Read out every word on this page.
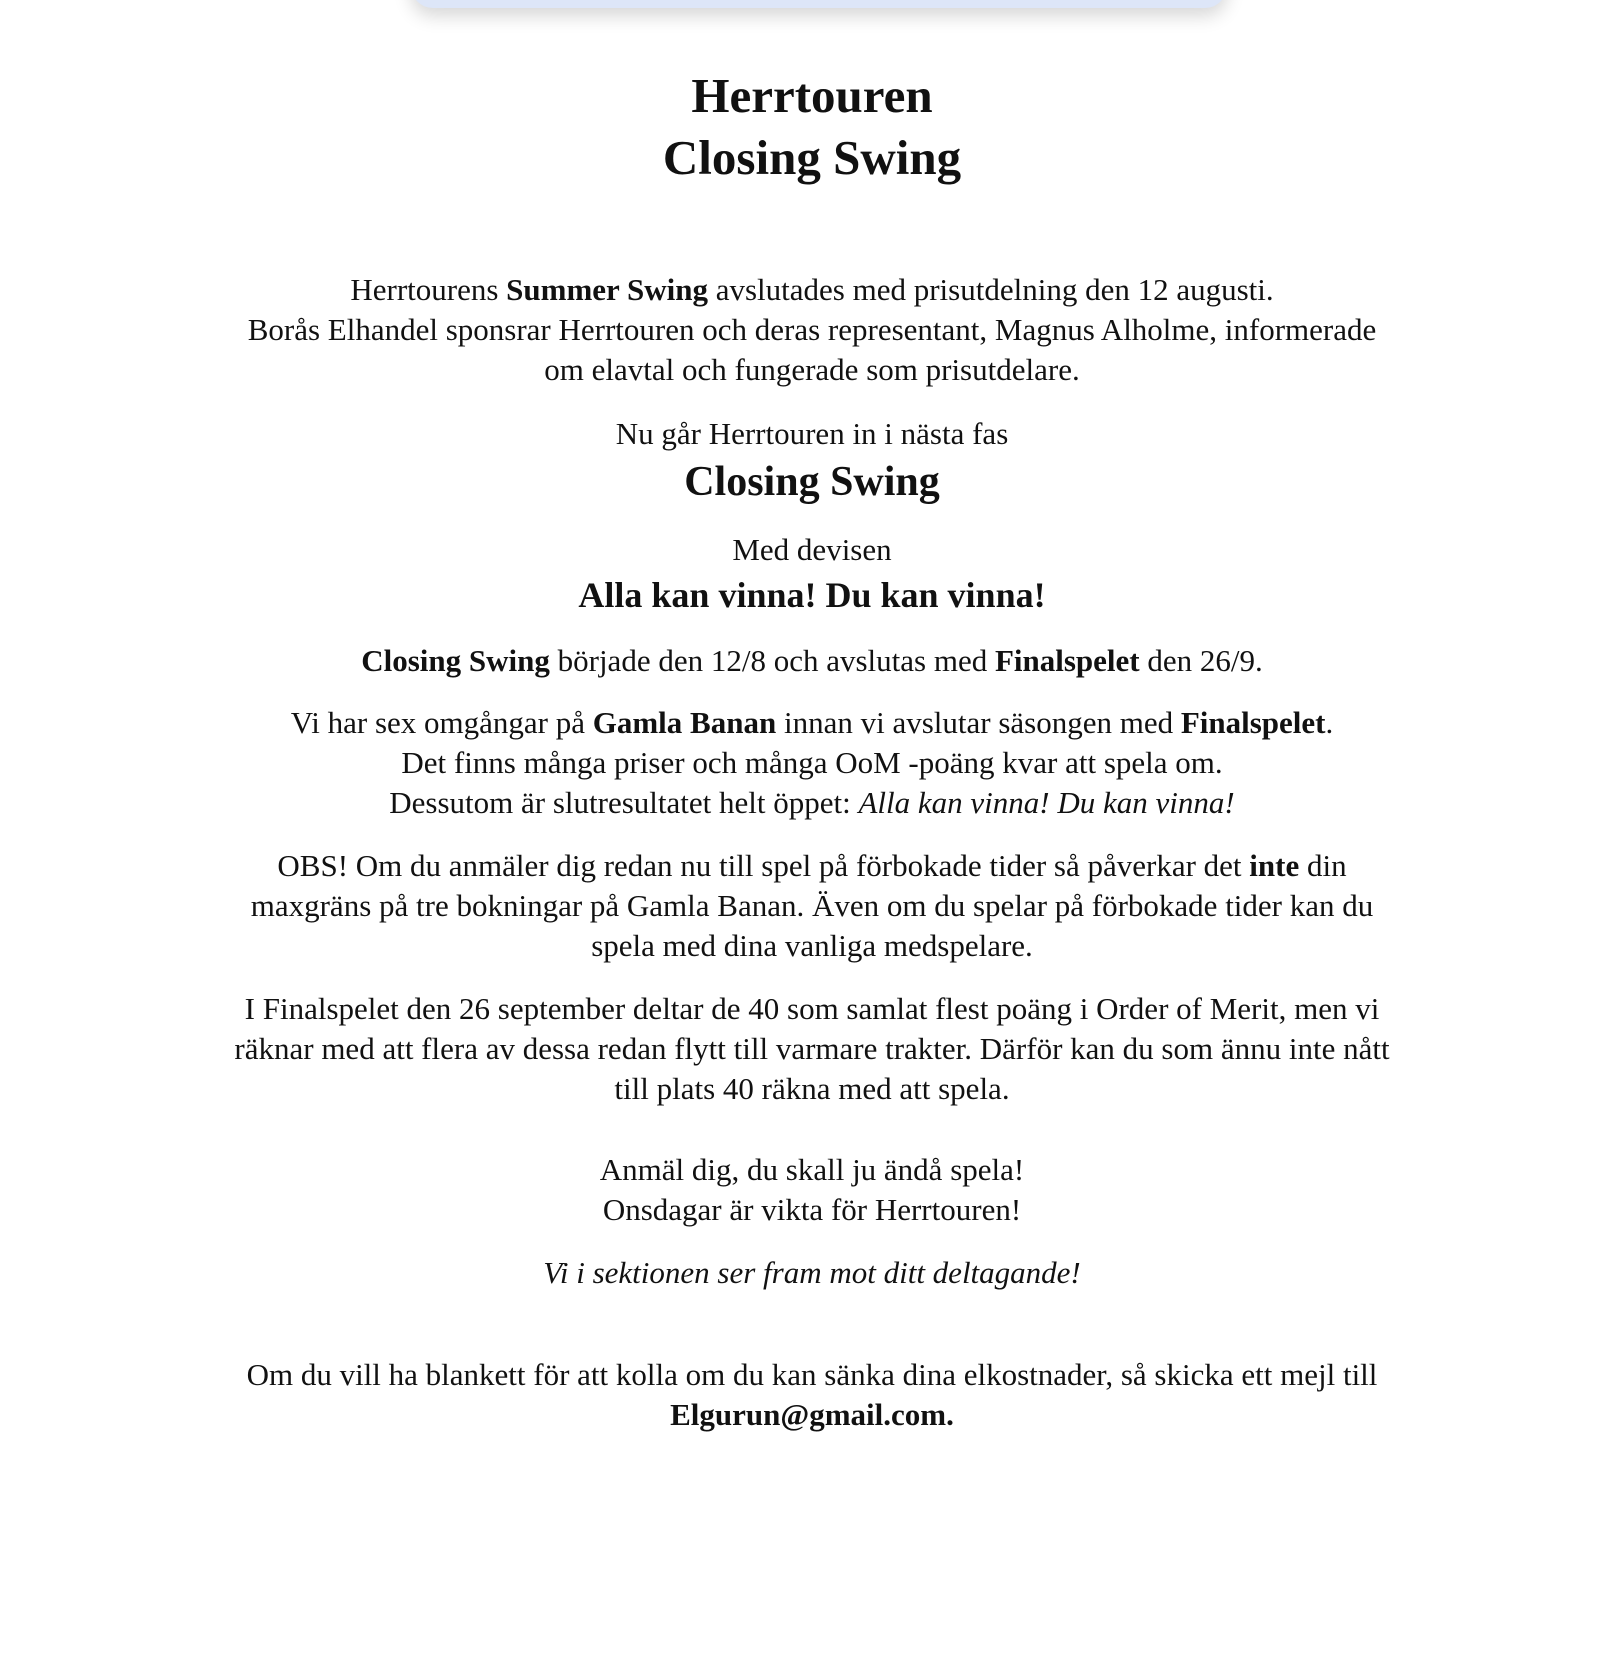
Herrtouren
Closing Swing
Herrtourens Summer Swing avslutades med prisutdelning den 12 augusti.
Borås Elhandel sponsrar Herrtouren och deras representant, Magnus Alholme, informerade
om elavtal och fungerade som prisutdelare.
Nu går Herrtouren in i nästa fas
Closing Swing
Med devisen
Alla kan vinna! Du kan vinna!
Closing Swing började den 12/8 och avslutas med Finalspelet den 26/9.
Vi har sex omgångar på Gamla Banan innan vi avslutar säsongen med Finalspelet.
Det finns många priser och många OoM -poäng kvar att spela om.
Dessutom är slutresultatet helt öppet: Alla kan vinna! Du kan vinna!
OBS! Om du anmäler dig redan nu till spel på förbokade tider så påverkar det inte din
maxgräns på tre bokningar på Gamla Banan. Även om du spelar på förbokade tider kan du
spela med dina vanliga medspelare.
I Finalspelet den 26 september deltar de 40 som samlat flest poäng i Order of Merit, men vi
räknar med att flera av dessa redan flytt till varmare trakter. Därför kan du som ännu inte nått
till plats 40 räkna med att spela.
Anmäl dig, du skall ju ändå spela!
Onsdagar är vikta för Herrtouren!
Vi i sektionen ser fram mot ditt deltagande!
Om du vill ha blankett för att kolla om du kan sänka dina elkostnader, så skicka ett mejl till
Elgurun@gmail.com.
